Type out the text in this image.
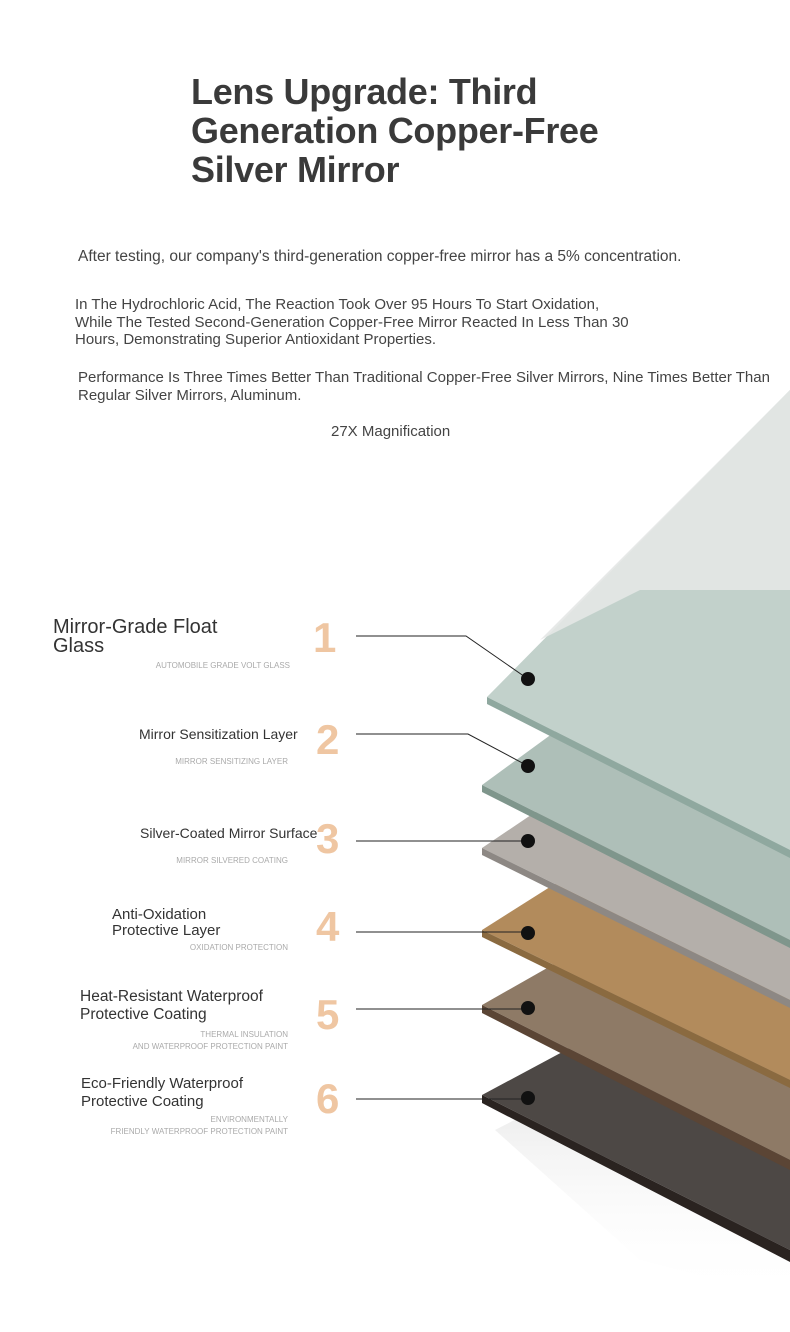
Lens Upgrade: Third Generation Copper-Free Silver Mirror
After testing, our company's third-generation copper-free mirror has a 5% concentration.
In The Hydrochloric Acid, The Reaction Took Over 95 Hours To Start Oxidation, While The Tested Second-Generation Copper-Free Mirror Reacted In Less Than 30 Hours, Demonstrating Superior Antioxidant Properties.
Performance Is Three Times Better Than Traditional Copper-Free Silver Mirrors, Nine Times Better Than Regular Silver Mirrors, Aluminum.
27X Magnification
Mirror-Grade Float Glass
AUTOMOBILE GRADE VOLT GLASS
1
Mirror Sensitization Layer
MIRROR SENSITIZING LAYER 2
Silver-Coated Mirror Surface
MIRROR SILVERED COATING 3
Anti-Oxidation Protective Layer
OXIDATION PROTECTION 4
Heat-Resistant Waterproof Protective Coating
THERMAL INSULATION
AND WATERPROOF PROTECTION PAINT
5
Eco-Friendly Waterproof Protective Coating
ENVIRONMENTALLY
FRIENDLY WATERPROOF PROTECTION PAINT
6
